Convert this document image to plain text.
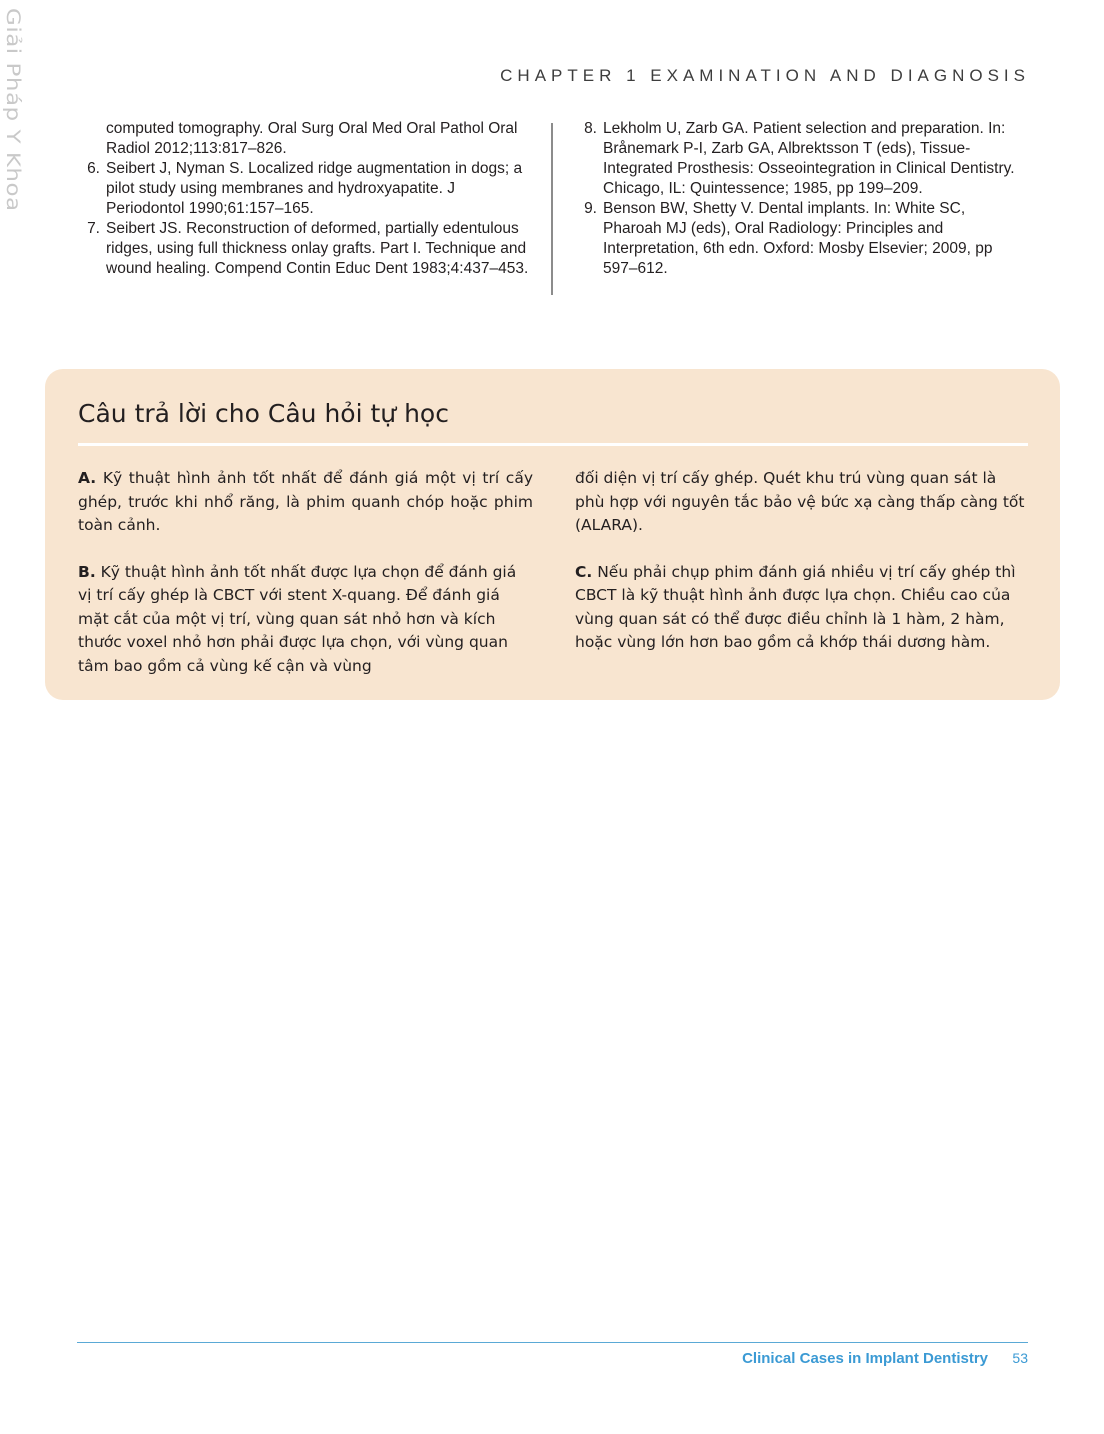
Giải Pháp Y Khoa	CHAPTER 1 EXAMINATION AND DIAGNOSIS

computed tomography. Oral Surg Oral Med Oral Pathol Oral Radiol 2012;113:817–826.

6. Seibert J, Nyman S. Localized ridge augmentation in dogs; a pilot study using membranes and hydroxyapatite. J Periodontol 1990;61:157–165.

7. Seibert JS. Reconstruction of deformed, partially edentulous ridges, using full thickness onlay grafts. Part I. Technique and wound healing. Compend Contin Educ Dent 1983;4:437–453.

8. Lekholm U, Zarb GA. Patient selection and preparation. In: Brånemark P-I, Zarb GA, Albrektsson T (eds), Tissue-Integrated Prosthesis: Osseointegration in Clinical Dentistry. Chicago, IL: Quintessence; 1985, pp 199–209.

9. Benson BW, Shetty V. Dental implants. In: White SC, Pharoah MJ (eds), Oral Radiology: Principles and Interpretation, 6th edn. Oxford: Mosby Elsevier; 2009, pp 597–612.

Câu trả lời cho Câu hỏi tự học

A. Kỹ thuật hình ảnh tốt nhất để đánh giá một vị trí cấy ghép, trước khi nhổ răng, là phim quanh chóp hoặc phim toàn cảnh.

B. Kỹ thuật hình ảnh tốt nhất được lựa chọn để đánh giá vị trí cấy ghép là CBCT với stent X-quang. Để đánh giá mặt cắt của một vị trí, vùng quan sát nhỏ hơn và kích thước voxel nhỏ hơn phải được lựa chọn, với vùng quan tâm bao gồm cả vùng kế cận và vùng

đối diện vị trí cấy ghép. Quét khu trú vùng quan sát là phù hợp với nguyên tắc bảo vệ bức xạ càng thấp càng tốt (ALARA).

C. Nếu phải chụp phim đánh giá nhiều vị trí cấy ghép thì CBCT là kỹ thuật hình ảnh được lựa chọn. Chiều cao của vùng quan sát có thể được điều chỉnh là 1 hàm, 2 hàm, hoặc vùng lớn hơn bao gồm cả khớp thái dương hàm.

Clinical Cases in Implant Dentistry 53
